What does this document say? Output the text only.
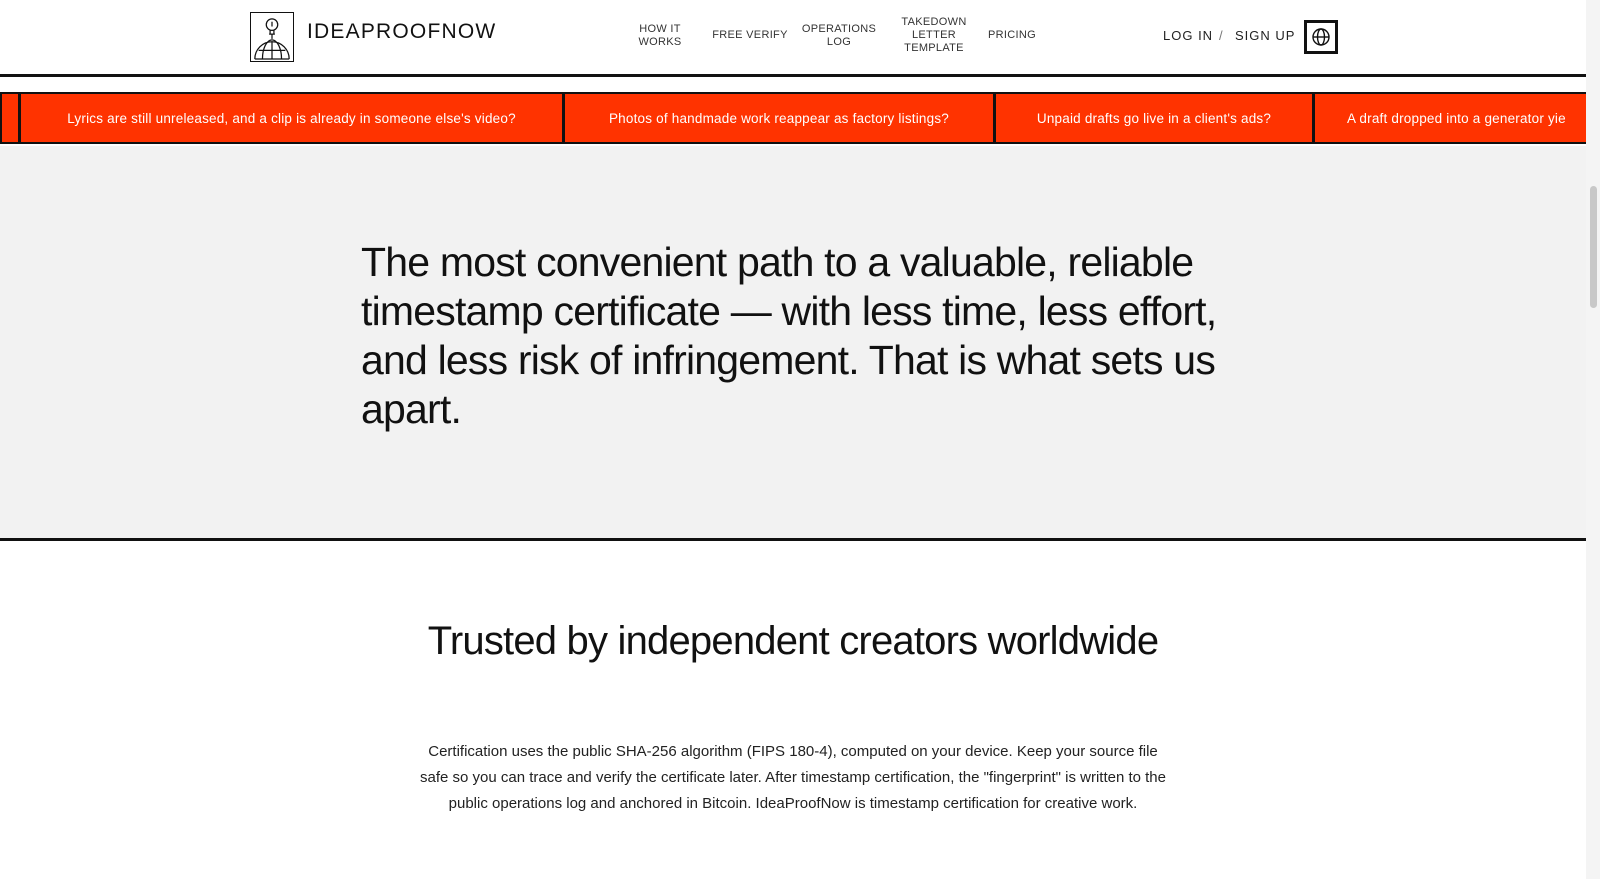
IDEAPROOFNOW	HOW IT
WORKS
FREE VERIFY OPERATIONS
LOG
TAKEDOWN
LETTER
TEMPLATE
PRICING	LOG IN / SIGN UP
Lyrics are still unreleased, and a clip is already in someone else's video?	Photos of handmade work reappear as factory listings?	Unpaid drafts go live in a client's ads?	A draft dropped into a generator yie
The most convenient path to a valuable, reliable timestamp certificate — with less time, less effort, and less risk of infringement. That is what sets us apart.
Trusted by independent creators worldwide
Certification uses the public SHA-256 algorithm (FIPS 180-4), computed on your device. Keep your source file safe so you can trace and verify the certificate later. After timestamp certification, the "fingerprint" is written to the public operations log and anchored in Bitcoin. IdeaProofNow is timestamp certification for creative work.
